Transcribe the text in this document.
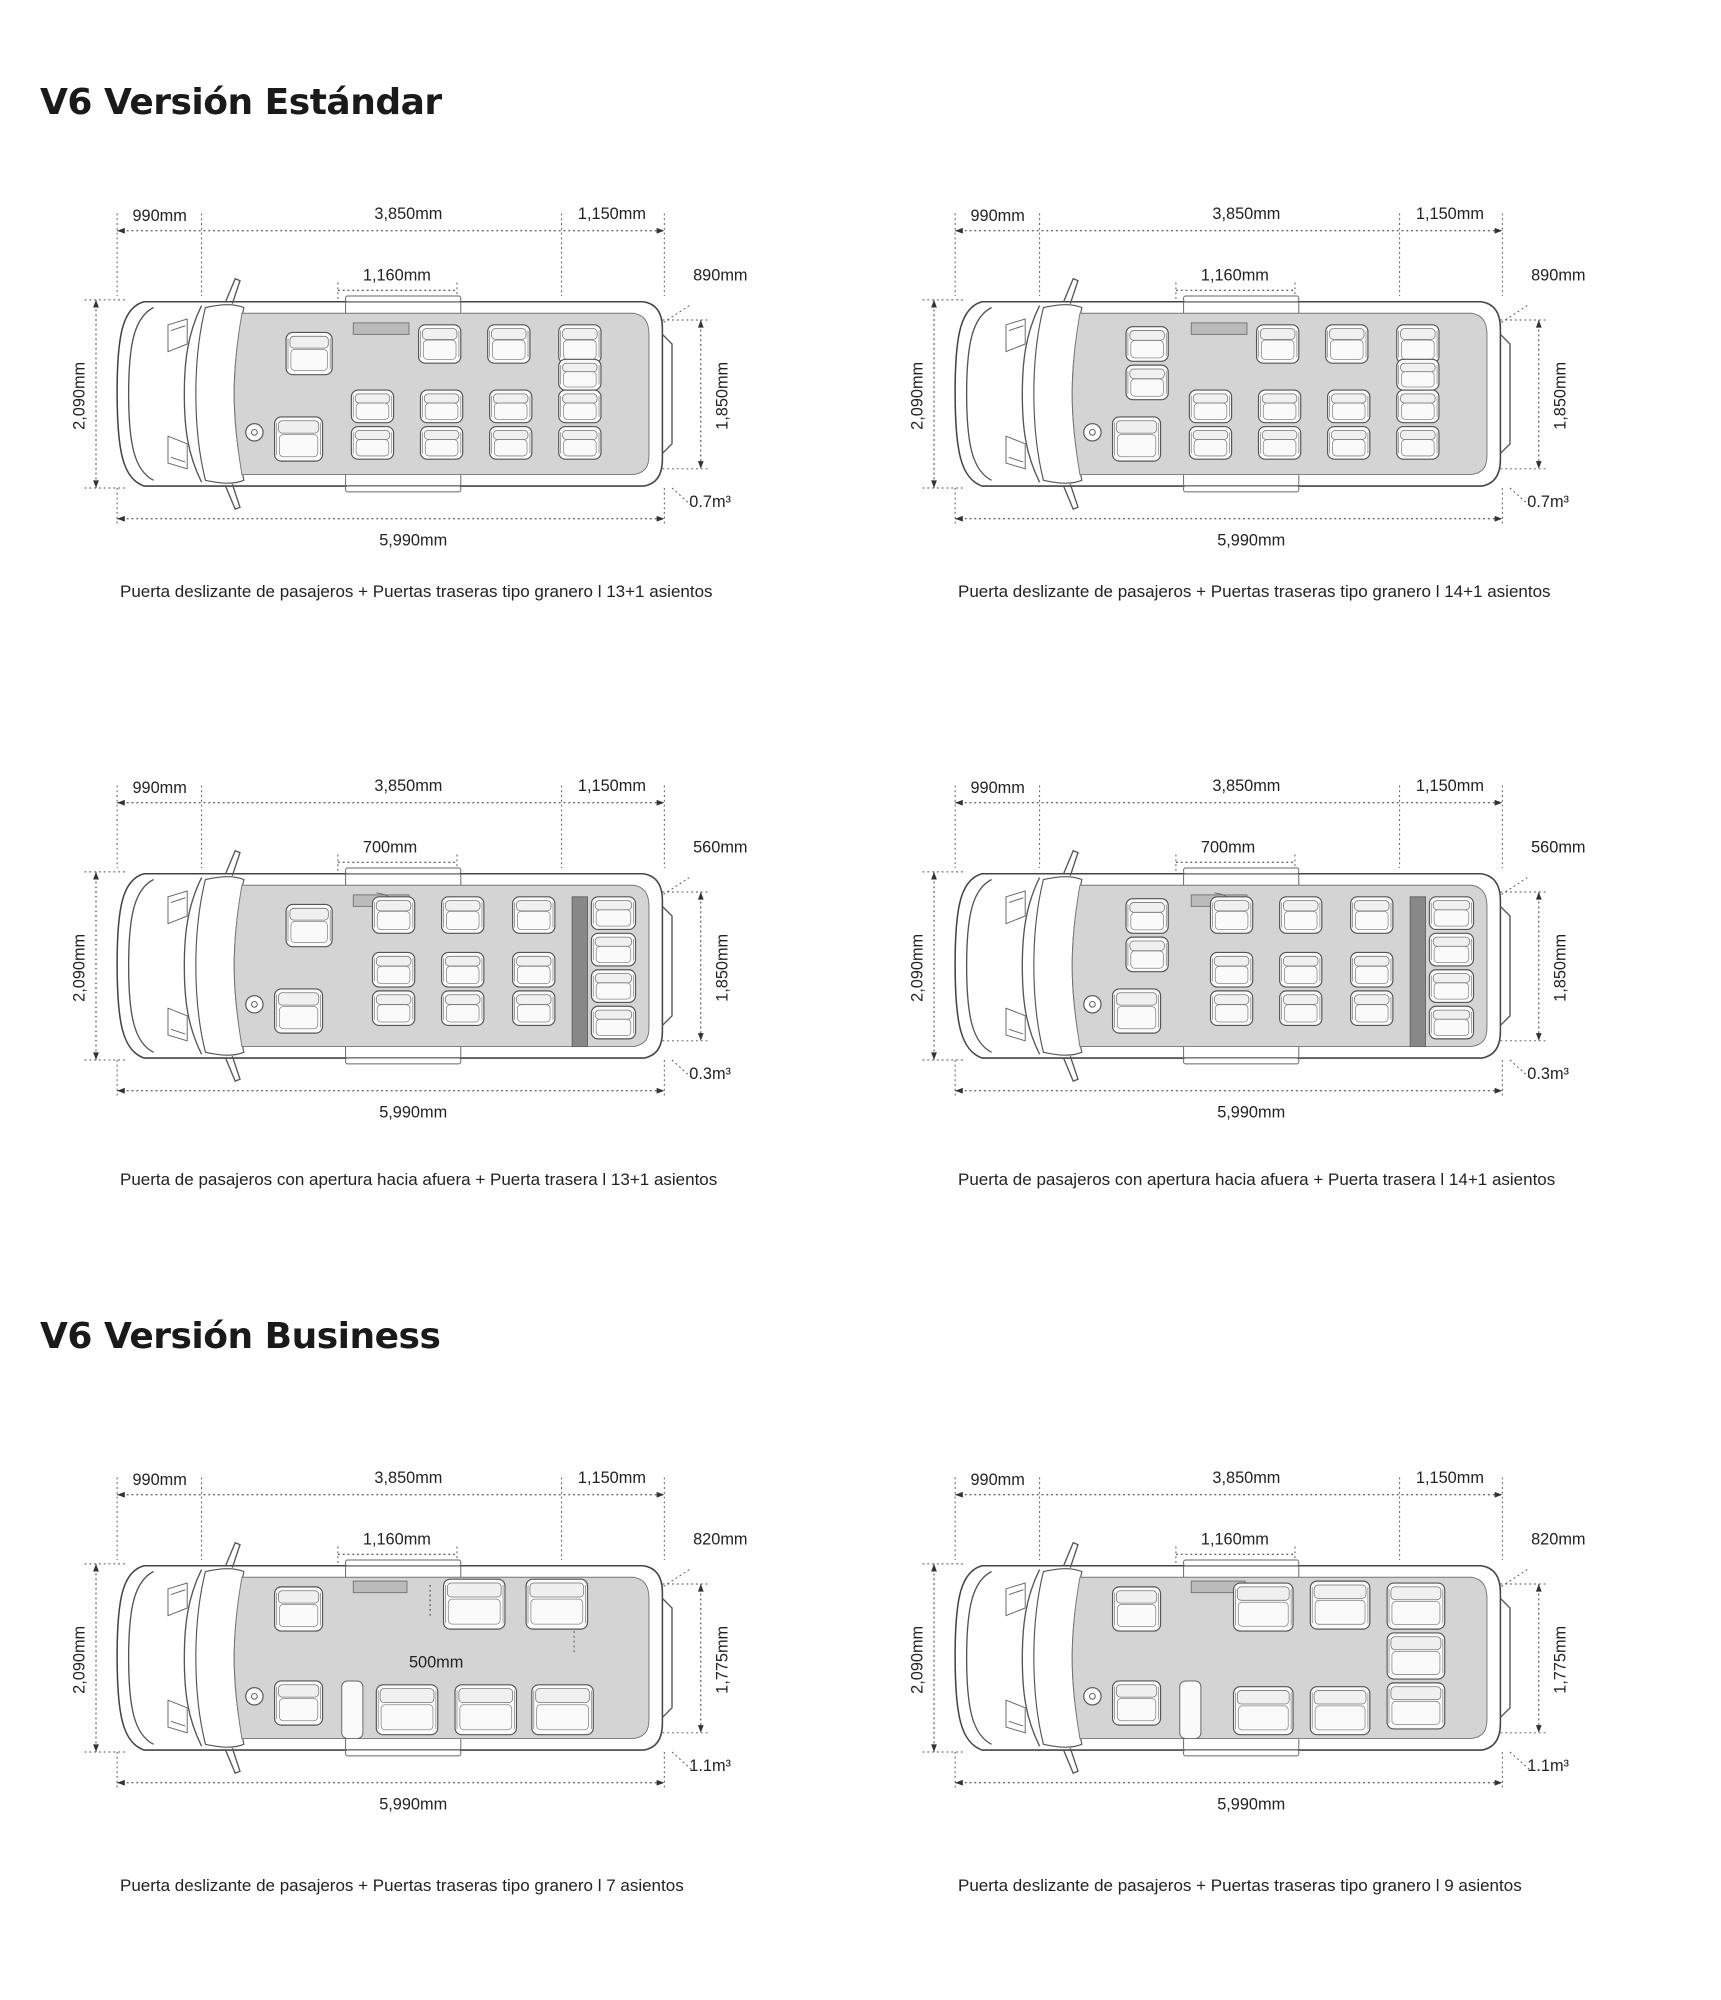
V6 Versión Estándar
V6 Versión Business
990mm	3,850mm	1,150mm
1,160mm	890mm
5,990mm
0.7m³
2,090mm	1,850mm
Puerta deslizante de pasajeros + Puertas traseras tipo granero l 13+1 asientos
990mm	3,850mm	1,150mm
1,160mm	890mm
5,990mm
0.7m³
2,090mm	1,850mm
Puerta deslizante de pasajeros + Puertas traseras tipo granero l 14+1 asientos
990mm	3,850mm	1,150mm
700mm	560mm
5,990mm
0.3m³
2,090mm	1,850mm
Puerta de pasajeros con apertura hacia afuera + Puerta trasera l 13+1 asientos
990mm	3,850mm	1,150mm
700mm	560mm
5,990mm
0.3m³
2,090mm	1,850mm
Puerta de pasajeros con apertura hacia afuera + Puerta trasera l 14+1 asientos
990mm	3,850mm	1,150mm
1,160mm	820mm
5,990mm
1.1m³
2,090mm	1,775mm
500mm
Puerta deslizante de pasajeros + Puertas traseras tipo granero l 7 asientos
990mm	3,850mm	1,150mm
1,160mm	820mm
5,990mm
1.1m³
2,090mm	1,775mm
Puerta deslizante de pasajeros + Puertas traseras tipo granero l 9 asientos
